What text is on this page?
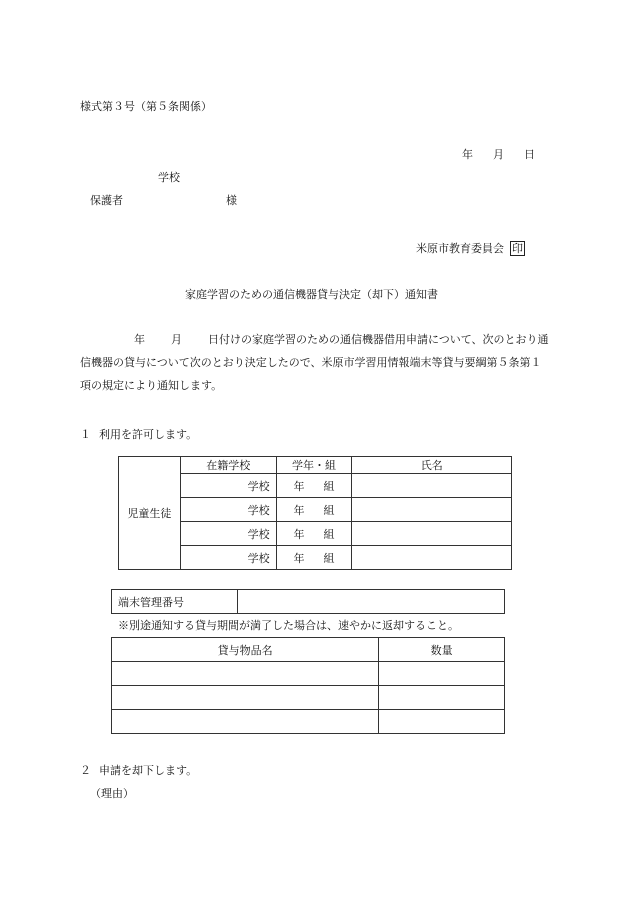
様式第３号（第５条関係）
年 月 日
学校
保護者	様
米原市教育委員会 印
家庭学習のための通信機器貸与決定（却下）通知書
年 月 日付けの家庭学習のための通信機器借用申請について、次のとおり通信機器の貸与について次のとおり決定したので、米原市学習用情報端末等貸与要綱第５条第１項の規定により通知します。
１ 利用を許可します。
児童生徒	在籍学校	学年・組	氏名
	学校	年 組	
	学校	年 組	
	学校	年 組	
	学校	年 組	
端末管理番号	
※別途通知する貸与期間が満了した場合は、速やかに返却すること。
貸与物品名	数量

２ 申請を却下します。
（理由）
